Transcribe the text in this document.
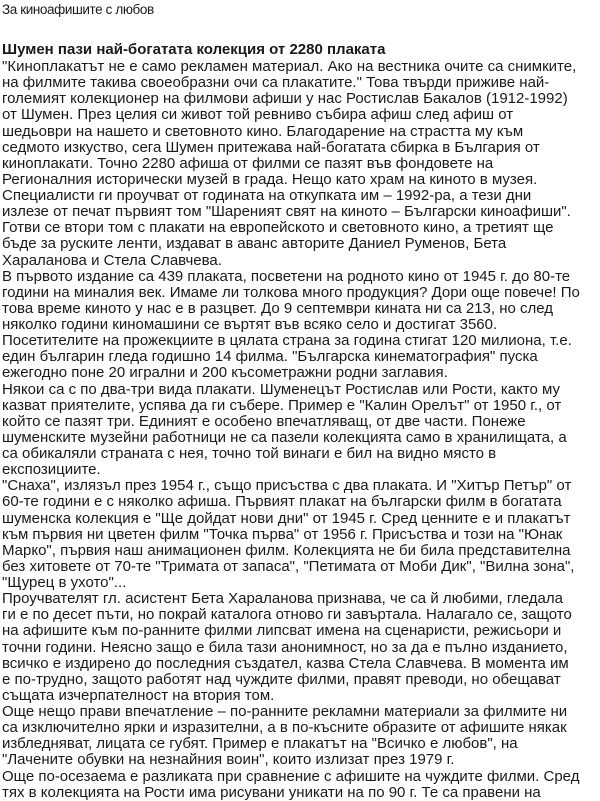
За киноафишите с любов
Шумен пази най-богатата колекция от 2280 плаката
"Киноплакатът не е само рекламен материал. Ако на вестника очите са снимките,
на филмите такива своеобразни очи са плакатите." Това твърди приживе най-
големият колекционер на филмови афиши у нас Ростислав Бакалов (1912-1992)
от Шумен. През целия си живот той ревниво събира афиш след афиш от
шедьоври на нашето и световното кино. Благодарение на страстта му към
седмото изкуство, сега Шумен притежава най-богатата сбирка в България от
киноплакати. Точно 2280 афиша от филми се пазят във фондовете на
Регионалния исторически музей в града. Нещо като храм на киното в музея.
Специалисти ги проучват от годината на откупката им – 1992-ра, а тези дни
излезе от печат първият том "Шареният свят на киното – Български киноафиши".
Готви се втори том с плакати на европейското и световното кино, а третият ще
бъде за руските ленти, издават в аванс авторите Даниел Руменов, Бета
Хараланова и Стела Славчева.
В първото издание са 439 плаката, посветени на родното кино от 1945 г. до 80-те
години на миналия век. Имаме ли толкова много продукция? Дори още повече! По
това време киното у нас е в разцвет. До 9 септември кината ни са 213, но след
няколко години киномашини се въртят във всяко село и достигат 3560.
Посетителите на прожекциите в цялата страна за година стигат 120 милиона, т.е.
един българин гледа годишно 14 филма. "Българска кинематография" пуска
ежегодно поне 20 игрални и 200 късометражни родни заглавия.
Някои са с по два-три вида плакати. Шуменецът Ростислав или Рости, както му
казват приятелите, успява да ги събере. Пример е "Калин Орелът" от 1950 г., от
който се пазят три. Единият е особено впечатляващ, от две части. Понеже
шуменските музейни работници не са пазели колекцията само в хранилищата, а
са обикаляли страната с нея, точно той винаги е бил на видно място в
експозициите.
"Снаха", излязъл през 1954 г., също присъства с два плаката. И "Хитър Петър" от
60-те години е с няколко афиша. Първият плакат на български филм в богатата
шуменска колекция е "Ще дойдат нови дни" от 1945 г. Сред ценните е и плакатът
към първия ни цветен филм "Точка първа" от 1956 г. Присъства и този на "Юнак
Марко", първия наш анимационен филм. Колекцията не би била представителна
без хитовете от 70-те "Тримата от запаса", "Петимата от Моби Дик", "Вилна зона",
"Щурец в ухото"...
Проучвателят гл. асистент Бета Хараланова признава, че са й любими, гледала
ги е по десет пъти, но покрай каталога отново ги завъртала. Налагало се, защото
на афишите към по-ранните филми липсват имена на сценаристи, режисьори и
точни години. Неясно защо е била тази анонимност, но за да е пълно изданието,
всичко е издирено до последния създател, казва Стела Славчева. В момента им
е по-трудно, защото работят над чуждите филми, правят преводи, но обещават
същата изчерпателност на втория том.
Още нещо прави впечатление – по-ранните рекламни материали за филмите ни
са изключително ярки и изразителни, а в по-късните образите от афишите някак
избледняват, лицата се губят. Пример е плакатът на "Всичко е любов", на
"Лачените обувки на незнайния воин", които излизат през 1979 г.
Още по-осезаема е разликата при сравнение с афишите на чуждите филми. Сред
тях в колекцията на Рости има рисувани уникати на по 90 г. Те са правени на
